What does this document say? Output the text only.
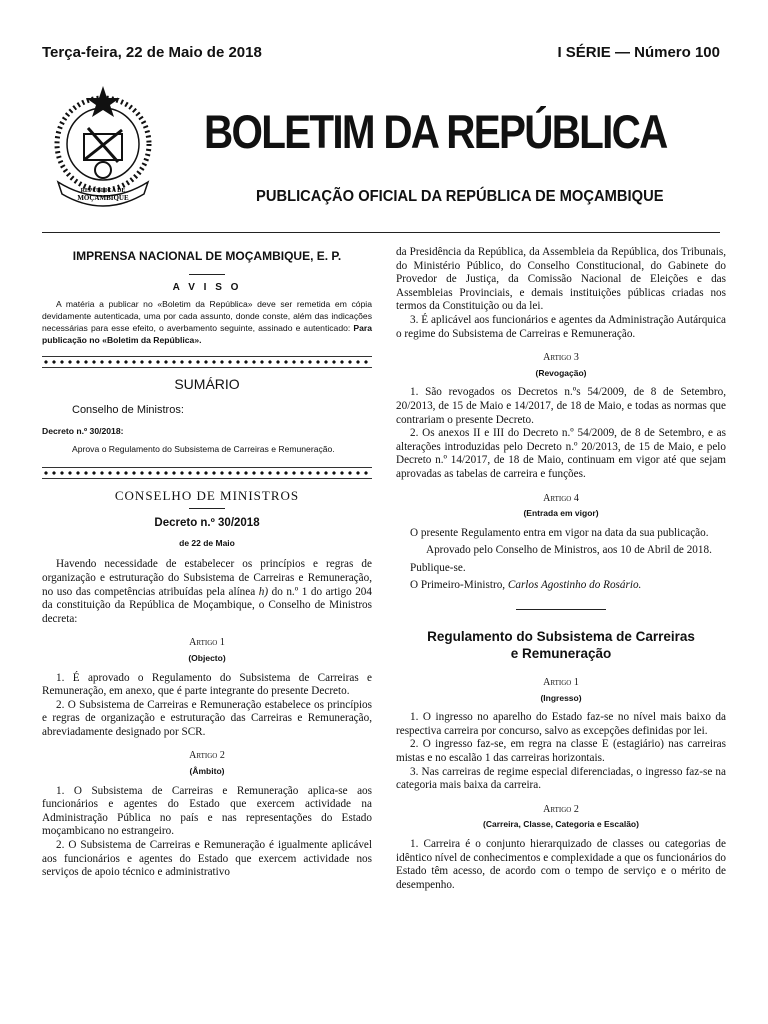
Terça-feira, 22 de Maio de 2018	I SÉRIE — Número 100
REPÚBLICA DE
MOÇAMBIQUE
BOLETIM DA REPÚBLICA
PUBLICAÇÃO OFICIAL DA REPÚBLICA DE MOÇAMBIQUE
IMPRENSA NACIONAL DE MOÇAMBIQUE, E. P.
A V I S O

A matéria a publicar no «Boletim da República» deve ser remetida em cópia devidamente autenticada, uma por cada assunto, donde conste, além das indicações necessárias para esse efeito, o averbamento seguinte, assinado e autenticado: Para publicação no «Boletim da República».

SUMÁRIO
Conselho de Ministros:
Decreto n.º 30/2018:
Aprova o Regulamento do Subsistema de Carreiras e Remuneração.
CONSELHO DE MINISTROS
Decreto n.º 30/2018
de 22 de Maio

Havendo necessidade de estabelecer os princípios e regras de organização e estruturação do Subsistema de Carreiras e Remuneração, no uso das competências atribuídas pela alínea h) do n.º 1 do artigo 204 da constituição da República de Moçambique, o Conselho de Ministros decreta:

Artigo 1
(Objecto)

1. É aprovado o Regulamento do Subsistema de Carreiras e Remuneração, em anexo, que é parte integrante do presente Decreto.

2. O Subsistema de Carreiras e Remuneração estabelece os princípios e regras de organização e estruturação das Carreiras e Remuneração, abreviadamente designado por SCR.

Artigo 2
(Âmbito)

1. O Subsistema de Carreiras e Remuneração aplica-se aos funcionários e agentes do Estado que exercem actividade na Administração Pública no país e nas representações do Estado moçambicano no estrangeiro.

2. O Subsistema de Carreiras e Remuneração é igualmente aplicável aos funcionários e agentes do Estado que exercem actividade nos serviços de apoio técnico e administrativo

da Presidência da República, da Assembleia da República, dos Tribunais, do Ministério Público, do Conselho Constitucional, do Gabinete do Provedor de Justiça, da Comissão Nacional de Eleições e das Assembleias Provinciais, e demais instituições públicas criadas nos termos da Constituição ou da lei.

3. É aplicável aos funcionários e agentes da Administração Autárquica o regime do Subsistema de Carreiras e Remuneração.

Artigo 3
(Revogação)

1. São revogados os Decretos n.ºs 54/2009, de 8 de Setembro, 20/2013, de 15 de Maio e 14/2017, de 18 de Maio, e todas as normas que contrariam o presente Decreto.

2. Os anexos II e III do Decreto n.º 54/2009, de 8 de Setembro, e as alterações introduzidas pelo Decreto n.º 20/2013, de 15 de Maio, e pelo Decreto n.º 14/2017, de 18 de Maio, continuam em vigor até que sejam aprovadas as tabelas de carreira e funções.

Artigo 4
(Entrada em vigor)

O presente Regulamento entra em vigor na data da sua publicação.

Aprovado pelo Conselho de Ministros, aos 10 de Abril de 2018.

Publique-se.

O Primeiro-Ministro, Carlos Agostinho do Rosário.

Regulamento do Subsistema de Carreiras
e Remuneração
Artigo 1
(Ingresso)

1. O ingresso no aparelho do Estado faz-se no nível mais baixo da respectiva carreira por concurso, salvo as excepções definidas por lei.

2. O ingresso faz-se, em regra na classe E (estagiário) nas carreiras mistas e no escalão 1 das carreiras horizontais.

3. Nas carreiras de regime especial diferenciadas, o ingresso faz-se na categoria mais baixa da carreira.

Artigo 2
(Carreira, Classe, Categoria e Escalão)

1. Carreira é o conjunto hierarquizado de classes ou categorias de idêntico nível de conhecimentos e complexidade a que os funcionários do Estado têm acesso, de acordo com o tempo de serviço e o mérito de desempenho.
